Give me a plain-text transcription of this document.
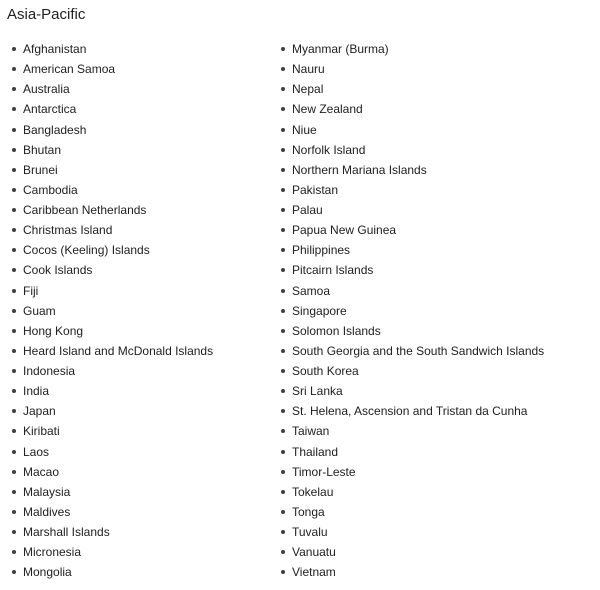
Asia-Pacific
Afghanistan
American Samoa
Australia
Antarctica
Bangladesh
Bhutan
Brunei
Cambodia
Caribbean Netherlands
Christmas Island
Cocos (Keeling) Islands
Cook Islands
Fiji
Guam
Hong Kong
Heard Island and McDonald Islands
Indonesia
India
Japan
Kiribati
Laos
Macao
Malaysia
Maldives
Marshall Islands
Micronesia
Mongolia
Myanmar (Burma)
Nauru
Nepal
New Zealand
Niue
Norfolk Island
Northern Mariana Islands
Pakistan
Palau
Papua New Guinea
Philippines
Pitcairn Islands
Samoa
Singapore
Solomon Islands
South Georgia and the South Sandwich Islands
South Korea
Sri Lanka
St. Helena, Ascension and Tristan da Cunha
Taiwan
Thailand
Timor-Leste
Tokelau
Tonga
Tuvalu
Vanuatu
Vietnam
